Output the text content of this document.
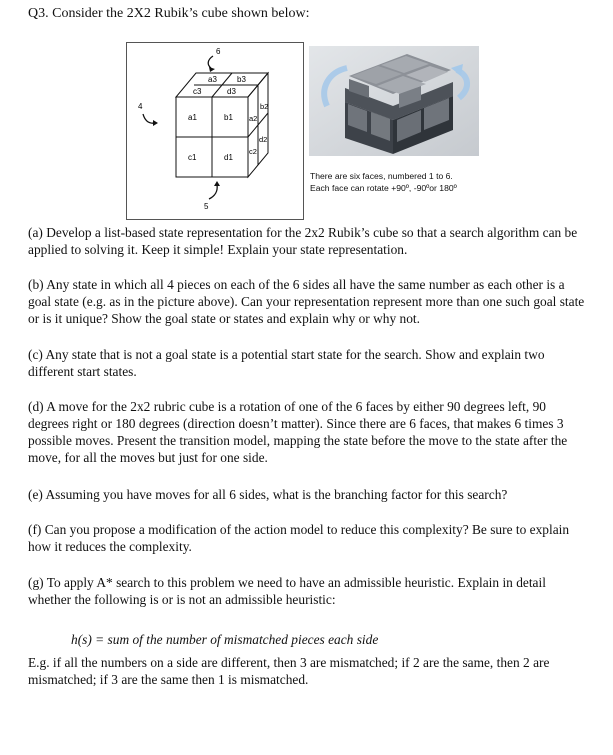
Q3. Consider the 2X2 Rubik’s cube shown below:
6
4
5
a3	b3
c3	d3
a1	b1
c1	d1
b2
a2
d2
c2
There are six faces, numbered 1 to 6.
Each face can rotate +90º, -90ºor 180º

(a) Develop a list-based state representation for the 2x2 Rubik’s cube so that a search algorithm can be applied to solving it. Keep it simple! Explain your state representation.

(b) Any state in which all 4 pieces on each of the 6 sides all have the same number as each other is a goal state (e.g. as in the picture above). Can your representation represent more than one such goal state or is it unique? Show the goal state or states and explain why or why not.

(c) Any state that is not a goal state is a potential start state for the search. Show and explain two different start states.

(d) A move for the 2x2 rubric cube is a rotation of one of the 6 faces by either 90 degrees left, 90 degrees right or 180 degrees (direction doesn’t matter). Since there are 6 faces, that makes 6 times 3 possible moves. Present the transition model, mapping the state before the move to the state after the move, for all the moves but just for one side.

(e) Assuming you have moves for all 6 sides, what is the branching factor for this search?

(f) Can you propose a modification of the action model to reduce this complexity? Be sure to explain how it reduces the complexity.

(g) To apply A* search to this problem we need to have an admissible heuristic. Explain in detail whether the following is or is not an admissible heuristic:

h(s) = sum of the number of mismatched pieces each side

E.g. if all the numbers on a side are different, then 3 are mismatched; if 2 are the same, then 2 are mismatched; if 3 are the same then 1 is mismatched.
